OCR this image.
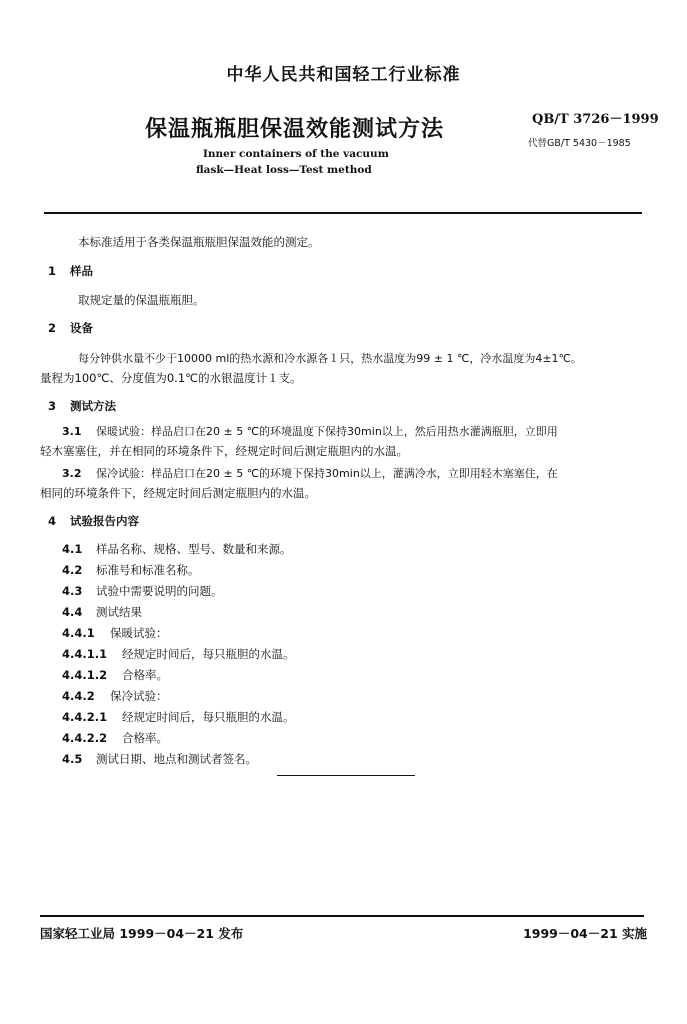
中华人民共和国轻工行业标准
保温瓶瓶胆保温效能测试方法	QB/T 3726－1999
代替GB/T 5430－1985
Inner containers of the vacuum
flask—Heat loss—Test method
本标准适用于各类保温瓶瓶胆保温效能的测定。
1 样品
取规定量的保温瓶瓶胆。
2 设备
每分钟供水量不少于10000 ml的热水源和冷水源各１只，热水温度为99 ± 1 ℃，冷水温度为4±1℃。
量程为100℃、分度值为0.1℃的水银温度计１支。
3 测试方法
3.1 保暖试验：样品启口在20 ± 5 ℃的环境温度下保持30min以上，然后用热水灌满瓶胆，立即用
轻木塞塞住，并在相同的环境条件下，经规定时间后测定瓶胆内的水温。
3.2 保冷试验：样品启口在20 ± 5 ℃的环境下保持30min以上，灌满冷水，立即用轻木塞塞住，在
相同的环境条件下，经规定时间后测定瓶胆内的水温。
4 试验报告内容
4.1 样品名称、规格、型号、数量和来源。
4.2 标准号和标准名称。
4.3 试验中需要说明的问题。
4.4 测试结果
4.4.1 保暖试验：
4.4.1.1 经规定时间后，每只瓶胆的水温。
4.4.1.2 合格率。
4.4.2 保冷试验：
4.4.2.1 经规定时间后，每只瓶胆的水温。
4.4.2.2 合格率。
4.5 测试日期、地点和测试者签名。
国家轻工业局 1999－04－21 发布	1999－04－21 实施
